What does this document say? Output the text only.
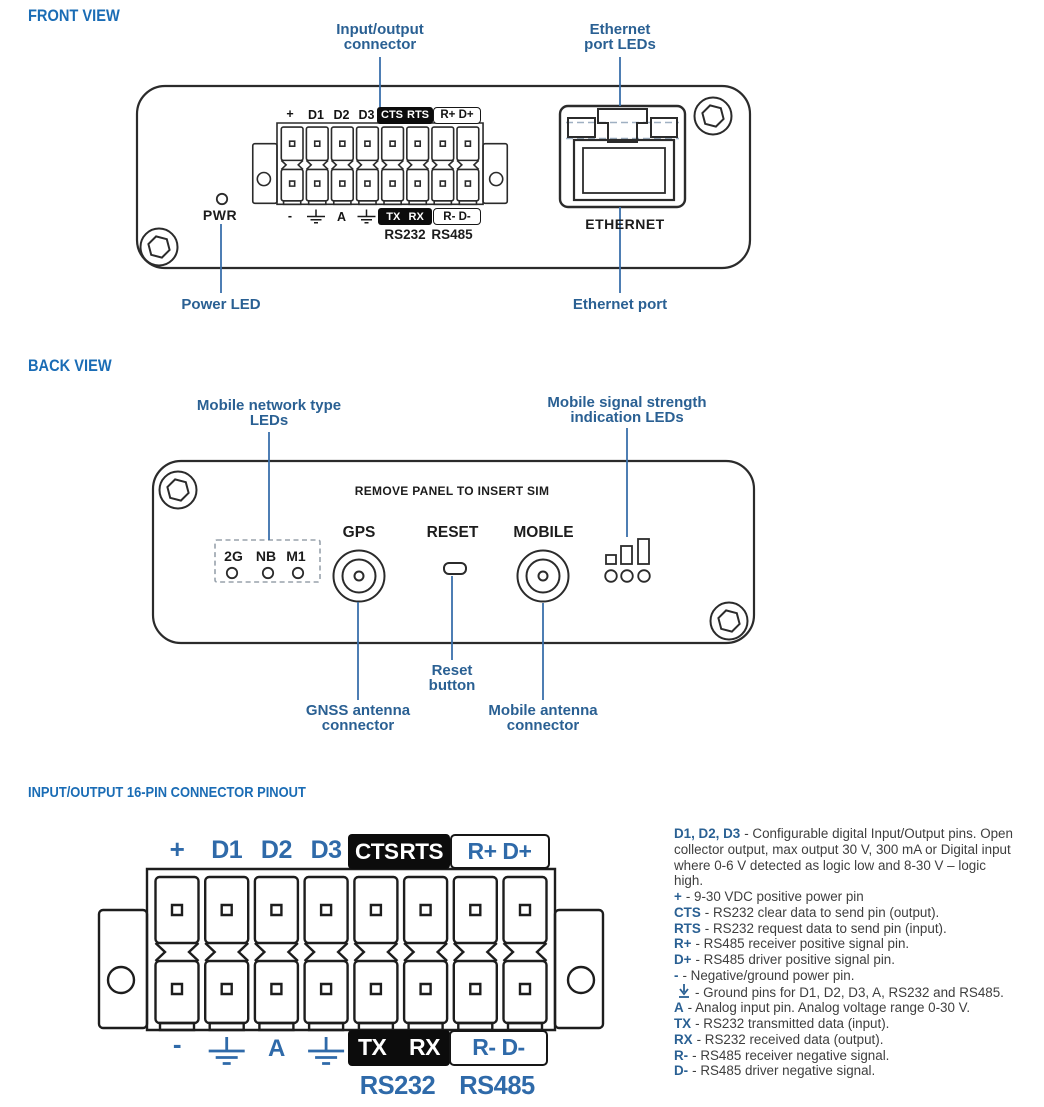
FRONT VIEW
Input/output
connector
Ethernet
port LEDs
Power LED	Ethernet port
PWR
ETHERNET
+ D1 D2 D3 CTS RTS R+ D+
-	A	TX RX R- D-
RS232 RS485
BACK VIEW
Mobile network type
LEDs
Mobile signal strength
indication LEDs
Reset
button
GNSS antenna
connector
Mobile antenna
connector
REMOVE PANEL TO INSERT SIM
2G NB M1
GPS	RESET MOBILE
INPUT/OUTPUT 16-PIN CONNECTOR PINOUT
+ D1 D2 D3 CTS RTS R+ D+
-	A	TX RX R- D-
RS232 RS485

D1, D2, D3 - Configurable digital Input/Output pins. Open collector output, max output 30 V, 300 mA or Digital input where 0-6 V detected as logic low and 8-30 V – logic high.

+ - 9-30 VDC positive power pin

CTS - RS232 clear data to send pin (output).

RTS - RS232 request data to send pin (input).

R+ - RS485 receiver positive signal pin.

D+ - RS485 driver positive signal pin.

- - Negative/ground power pin.

- Ground pins for D1, D2, D3, A, RS232 and RS485.

A - Analog input pin. Analog voltage range 0-30 V.

TX - RS232 transmitted data (input).

RX - RS232 received data (output).

R- - RS485 receiver negative signal.

D- - RS485 driver negative signal.
